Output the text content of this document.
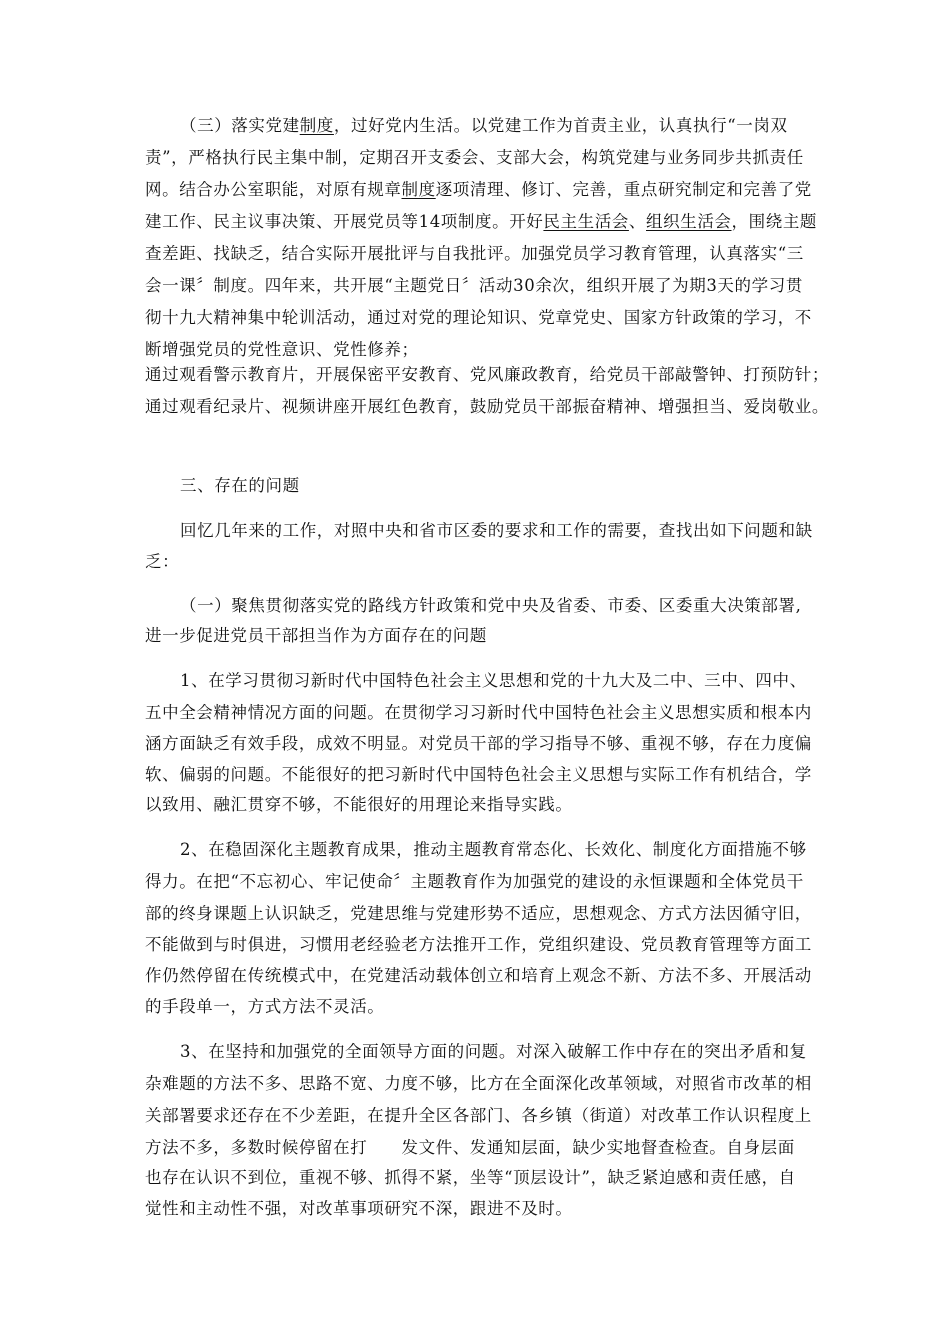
（三）落实党建制度，过好党内生活。以党建工作为首责主业，认真执行“一岗双
责”，严格执行民主集中制，定期召开支委会、支部大会，构筑党建与业务同步共抓责任
网。结合办公室职能，对原有规章制度逐项清理、修订、完善，重点研究制定和完善了党
建工作、民主议事决策、开展党员等14项制度。开好民主生活会、组织生活会，围绕主题
查差距、找缺乏，结合实际开展批评与自我批评。加强党员学习教育管理，认真落实“三
会一课〞制度。四年来，共开展“主题党日〞活动30余次，组织开展了为期3天的学习贯
彻十九大精神集中轮训活动，通过对党的理论知识、党章党史、国家方针政策的学习，不
断增强党员的党性意识、党性修养；
通过观看警示教育片，开展保密平安教育、党风廉政教育，给党员干部敲警钟、打预防针；
通过观看纪录片、视频讲座开展红色教育，鼓励党员干部振奋精神、增强担当、爱岗敬业。
三、存在的问题
回忆几年来的工作，对照中央和省市区委的要求和工作的需要，查找出如下问题和缺
乏：
（一）聚焦贯彻落实党的路线方针政策和党中央及省委、市委、区委重大决策部署,
进一步促进党员干部担当作为方面存在的问题
1、在学习贯彻习新时代中国特色社会主义思想和党的十九大及二中、三中、四中、
五中全会精神情况方面的问题。在贯彻学习习新时代中国特色社会主义思想实质和根本内
涵方面缺乏有效手段，成效不明显。对党员干部的学习指导不够、重视不够，存在力度偏
软、偏弱的问题。不能很好的把习新时代中国特色社会主义思想与实际工作有机结合，学
以致用、融汇贯穿不够，不能很好的用理论来指导实践。
2、在稳固深化主题教育成果，推动主题教育常态化、长效化、制度化方面措施不够
得力。在把“不忘初心、牢记使命〞主题教育作为加强党的建设的永恒课题和全体党员干
部的终身课题上认识缺乏，党建思维与党建形势不适应，思想观念、方式方法因循守旧，
不能做到与时俱进，习惯用老经验老方法推开工作，党组织建设、党员教育管理等方面工
作仍然停留在传统模式中，在党建活动载体创立和培育上观念不新、方法不多、开展活动
的手段单一，方式方法不灵活。
3、在坚持和加强党的全面领导方面的问题。对深入破解工作中存在的突出矛盾和复
杂难题的方法不多、思路不宽、力度不够，比方在全面深化改革领域，对照省市改革的相
关部署要求还存在不少差距，在提升全区各部门、各乡镇（街道）对改革工作认识程度上
方法不多，多数时候停留在打　　发文件、发通知层面，缺少实地督查检查。自身层面
也存在认识不到位，重视不够、抓得不紧，坐等“顶层设计”，缺乏紧迫感和责任感，自
觉性和主动性不强，对改革事项研究不深，跟进不及时。
